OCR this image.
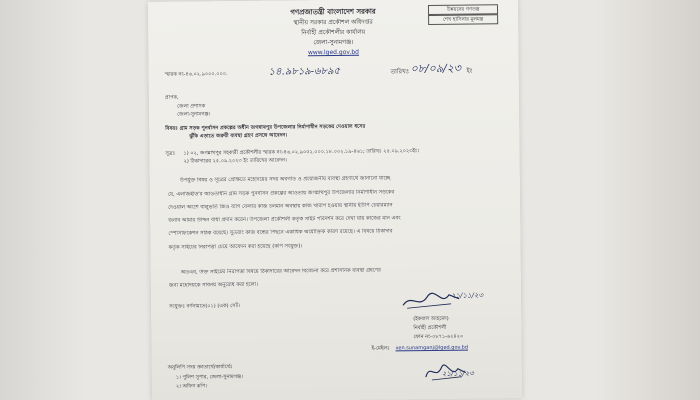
উন্নয়নের গণতন্ত্র
শেখ হাসিনার মূলমন্ত্র
গণপ্রজাতন্ত্রী বাংলাদেশ সরকার
স্থানীয় সরকার প্রকৌশল অধিদপ্তর
নির্বাহী প্রকৌশলীর কার্যালয়
জেলা-সুনামগঞ্জ।
www.lged.gov.bd
স্মারক নং-৪৬.০২.৯০০০.০০০.	১৪.৯৮১৯-৬৮৯৫	তারিখঃ ০৮/০৯/২৩ ইং
প্রাপক,
জেলা প্রশাসক
জেলা-সুনামগঞ্জ।
বিষয়ঃ গ্রাম সড়ক পুনর্বাসন প্রকল্পের অধীন জগন্নাথপুর উপজেলার নির্মাণাধীন সড়কের দেওয়াল ধসের
ঝুঁকি এড়াতে জরুরী ব্যবস্থা গ্রহণ প্রসঙ্গে আবেদন।
সূত্রঃ ১) ০২, জগন্নাথপুর সহকারী প্রকৌশলীর স্মারক নং-৪৬.০২.৯০৫২.০০০.১৮.০০২.১৯-৪৬১; তারিখঃ ২৫.০৯.২০২৩ইং।
২) ঠিকাদারের ২৫.০৯.২০২৩ ইং তারিখের আবেদন।
উপর্যুক্ত বিষয় ও সূত্রের প্রেক্ষিতে মহোদয়ের সদয় অবগতি ও প্রয়োজনীয় ব্যবস্থা গ্রহণার্থে জানানো যাচ্ছে
যে, এলজিইডি'র আওতাধীন গ্রাম সড়ক পুনর্বাসন প্রকল্পের আওতায় জগন্নাথপুর উপজেলার নির্মাণাধীন সড়কের
দেওয়াল অংশে বালুভর্তি জিও ব্যাগ ফেলার কাজ চলমান অবস্থায় কাজ খারাপ হওয়ায় স্থানীয় ইউপি চেয়ারম্যান
জনাব আমার উদ্দিন বাধা প্রদান করেন। উপজেলা প্রকৌশলী কর্তৃক সাইট পরিদর্শন করে দেখা যায় কাজের মান এবং
স্পেসিফিকেশন সঠিক রয়েছে। সুতরাং কাজ বন্ধের পিছনে একাধিক অযৌক্তিক কারণ রয়েছে। এ বিষয়ে ঠিকাদার
কর্তৃক সাইটের নিরাপত্তা চেয়ে আবেদন করা হয়েছে (কপি সংযুক্ত)।
অতএব, উক্ত সাইটের নিরাপত্তা বিষয়ে ঠিকাদারের আবেদন বিবেচনা করে প্রশাসনিক ব্যবস্থা গ্রহণের
জন্য মহোদয়কে সবিনয় অনুরোধ করা হলো।
সংযুক্তঃ বর্ণনামতে(০১) (এক) সেট।
২১/১১/২৩
(ইকবাল আহমেদ)
নির্বাহী প্রকৌশলী
ফোন নং-০৮৭১-৬২৪২০
ই-মেইলঃ xen.sunamganj@lged.gov.bd
অনুলিপি সদয় জ্ঞাতার্থে/কার্যার্থেঃ
১। পুলিশ সুপার, জেলা-সুনামগঞ্জ।
২। অফিস কপি।
২১/১১/২৩
